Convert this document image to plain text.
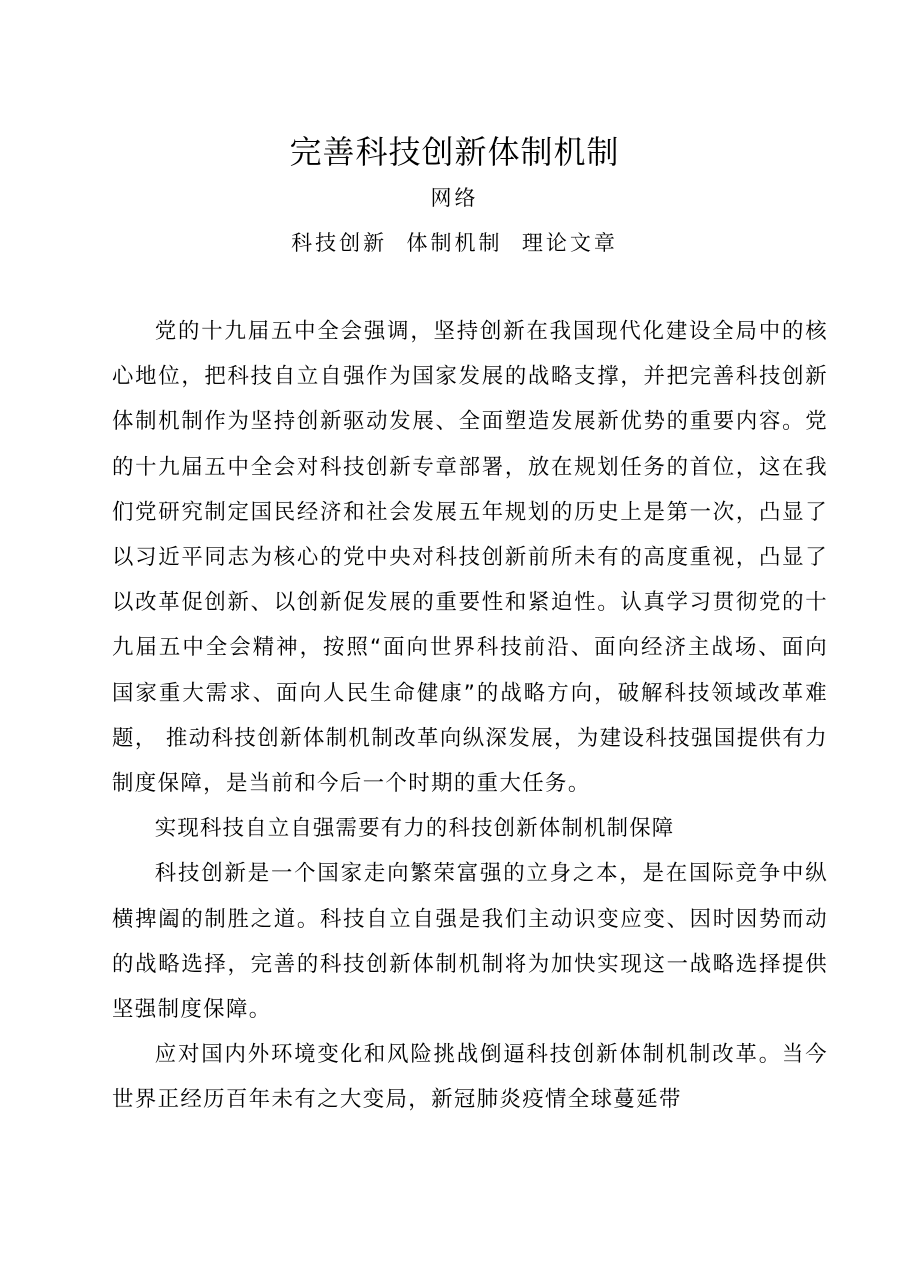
完善科技创新体制机制
网络
科技创新  体制机制  理论文章

党的十九届五中全会强调，坚持创新在我国现代化建设全局中的核心地位，把科技自立自强作为国家发展的战略支撑，并把完善科技创新体制机制作为坚持创新驱动发展、全面塑造发展新优势的重要内容。党的十九届五中全会对科技创新专章部署，放在规划任务的首位，这在我们党研究制定国民经济和社会发展五年规划的历史上是第一次，凸显了以习近平同志为核心的党中央对科技创新前所未有的高度重视，凸显了以改革促创新、以创新促发展的重要性和紧迫性。认真学习贯彻党的十九届五中全会精神，按照“面向世界科技前沿、面向经济主战场、面向国家重大需求、面向人民生命健康”的战略方向，破解科技领域改革难题， 推动科技创新体制机制改革向纵深发展，为建设科技强国提供有力制度保障，是当前和今后一个时期的重大任务。

实现科技自立自强需要有力的科技创新体制机制保障

科技创新是一个国家走向繁荣富强的立身之本，是在国际竞争中纵横捭阖的制胜之道。科技自立自强是我们主动识变应变、因时因势而动的战略选择，完善的科技创新体制机制将为加快实现这一战略选择提供坚强制度保障。

应对国内外环境变化和风险挑战倒逼科技创新体制机制改革。当今世界正经历百年未有之大变局，新冠肺炎疫情全球蔓延带
